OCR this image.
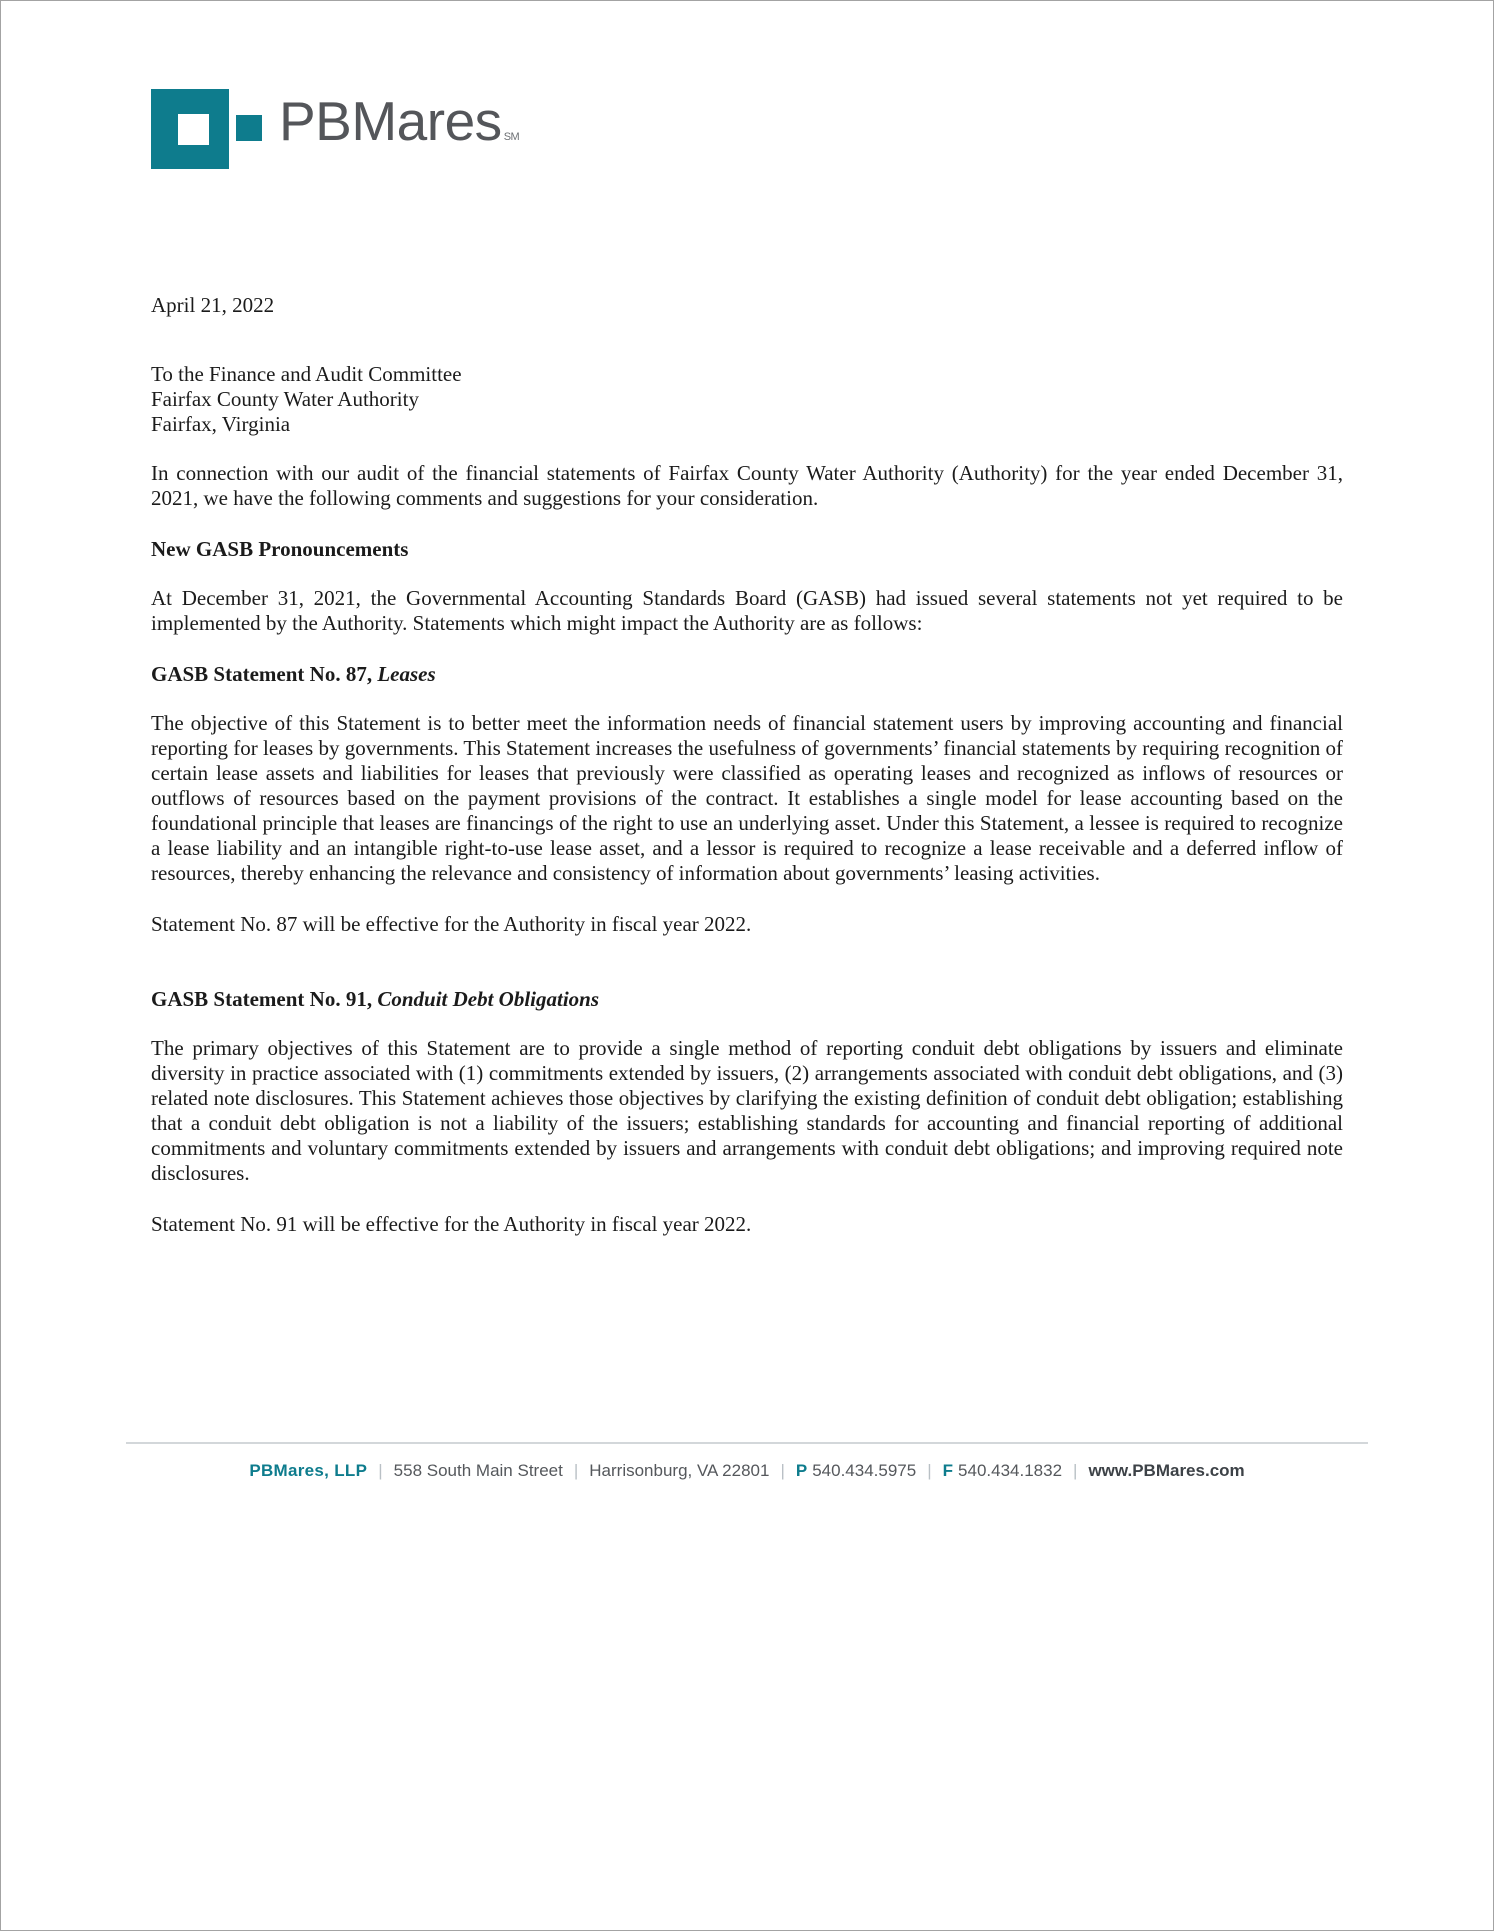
PBMares SM
April 21, 2022
To the Finance and Audit Committee
Fairfax County Water Authority
Fairfax, Virginia

In connection with our audit of the financial statements of Fairfax County Water Authority (Authority) for the year ended December 31, 2021, we have the following comments and suggestions for your consideration.

New GASB Pronouncements

At December 31, 2021, the Governmental Accounting Standards Board (GASB) had issued several statements not yet required to be implemented by the Authority. Statements which might impact the Authority are as follows:

GASB Statement No. 87, Leases

The objective of this Statement is to better meet the information needs of financial statement users by improving accounting and financial reporting for leases by governments. This Statement increases the usefulness of governments’ financial statements by requiring recognition of certain lease assets and liabilities for leases that previously were classified as operating leases and recognized as inflows of resources or outflows of resources based on the payment provisions of the contract. It establishes a single model for lease accounting based on the foundational principle that leases are financings of the right to use an underlying asset. Under this Statement, a lessee is required to recognize a lease liability and an intangible right-to-use lease asset, and a lessor is required to recognize a lease receivable and a deferred inflow of resources, thereby enhancing the relevance and consistency of information about governments’ leasing activities.

Statement No. 87 will be effective for the Authority in fiscal year 2022.

GASB Statement No. 91, Conduit Debt Obligations

The primary objectives of this Statement are to provide a single method of reporting conduit debt obligations by issuers and eliminate diversity in practice associated with (1) commitments extended by issuers, (2) arrangements associated with conduit debt obligations, and (3) related note disclosures. This Statement achieves those objectives by clarifying the existing definition of conduit debt obligation; establishing that a conduit debt obligation is not a liability of the issuers; establishing standards for accounting and financial reporting of additional commitments and voluntary commitments extended by issuers and arrangements with conduit debt obligations; and improving required note disclosures.

Statement No. 91 will be effective for the Authority in fiscal year 2022.

PBMares, LLP | 558 South Main Street | Harrisonburg, VA 22801 | P 540.434.5975 | F 540.434.1832 | www.PBMares.com
